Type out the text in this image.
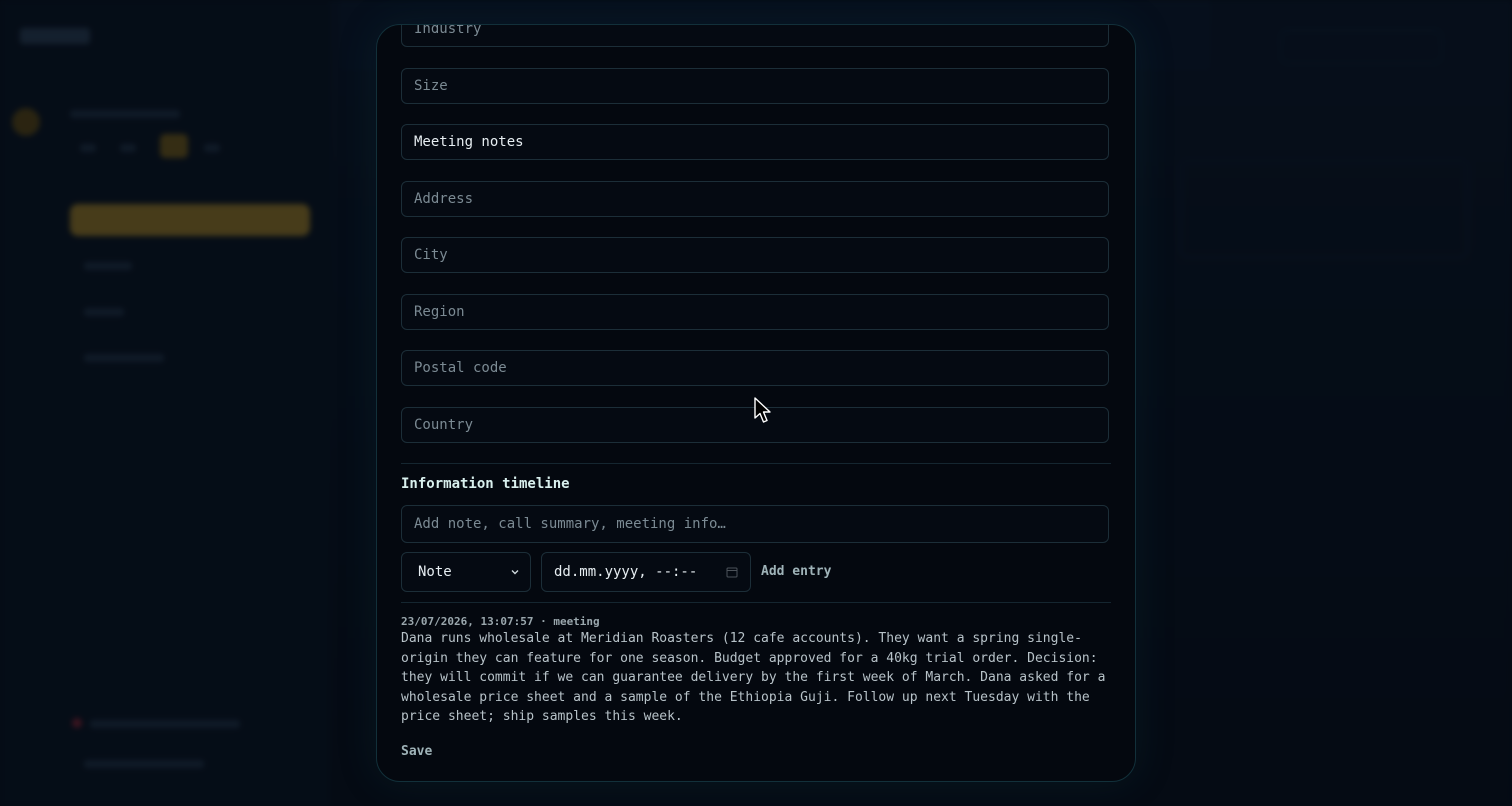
Industry
Size
Meeting notes
Address
City
Region
Postal code
Country
Information timeline
Add note, call summary, meeting info…
Note	dd.mm.yyyy, --:--	Add entry
23/07/2026, 13:07:57 · meeting
Dana runs wholesale at Meridian Roasters (12 cafe accounts). They want a spring single-
origin they can feature for one season. Budget approved for a 40kg trial order. Decision:
they will commit if we can guarantee delivery by the first week of March. Dana asked for a
wholesale price sheet and a sample of the Ethiopia Guji. Follow up next Tuesday with the
price sheet; ship samples this week.
Save
